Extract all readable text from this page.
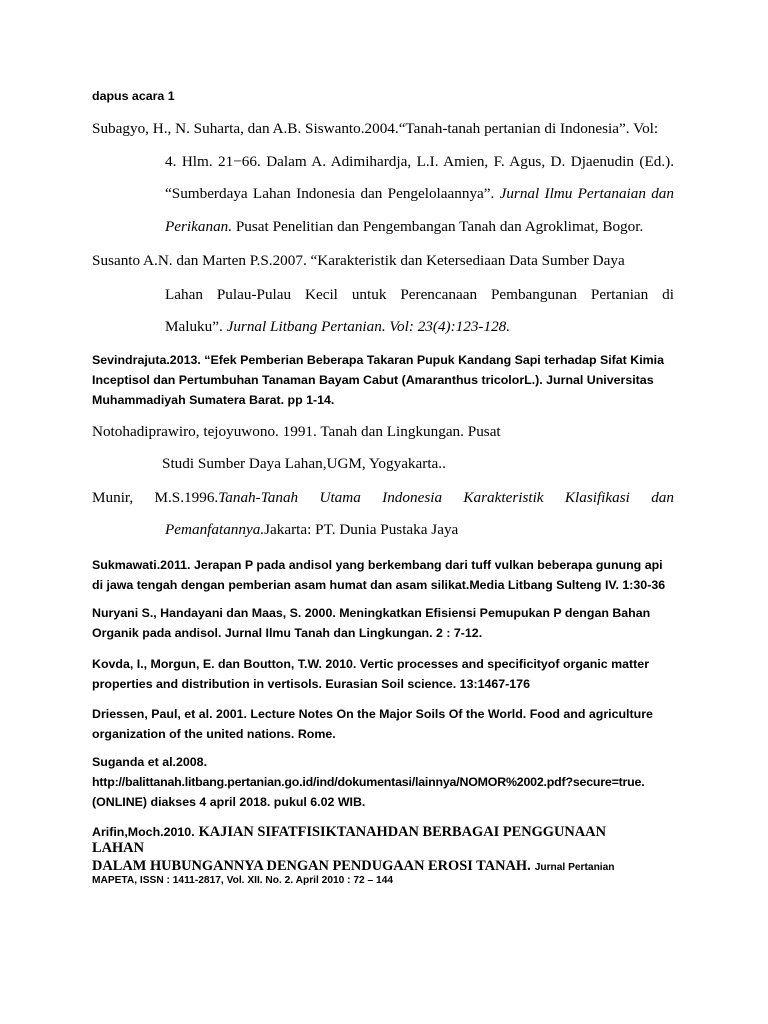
dapus acara 1

Subagyo, H., N. Suharta, dan A.B. Siswanto.2004.“Tanah-tanah pertanian di Indonesia”. Vol:

4. Hlm. 21−66. Dalam A. Adimihardja, L.I. Amien, F. Agus, D. Djaenudin (Ed.).

“Sumberdaya Lahan Indonesia dan Pengelolaannya”. Jurnal Ilmu Pertanaian dan

Perikanan. Pusat Penelitian dan Pengembangan Tanah dan Agroklimat, Bogor.

Susanto A.N. dan Marten P.S.2007. “Karakteristik dan Ketersediaan Data Sumber Daya

Lahan Pulau-Pulau Kecil untuk Perencanaan Pembangunan Pertanian di

Maluku”. Jurnal Litbang Pertanian. Vol: 23(4):123-128.

Sevindrajuta.2013. “Efek Pemberian Beberapa Takaran Pupuk Kandang Sapi terhadap Sifat Kimia Inceptisol dan Pertumbuhan Tanaman Bayam Cabut (Amaranthus tricolorL.). Jurnal Universitas Muhammadiyah Sumatera Barat. pp 1-14.

Notohadiprawiro, tejoyuwono. 1991. Tanah dan Lingkungan. Pusat

Studi Sumber Daya Lahan,UGM, Yogyakarta..

Munir, M.S.1996.Tanah-Tanah Utama Indonesia Karakteristik Klasifikasi dan

Pemanfatannya.Jakarta: PT. Dunia Pustaka Jaya

Sukmawati.2011. Jerapan P pada andisol yang berkembang dari tuff vulkan beberapa gunung api di jawa tengah dengan pemberian asam humat dan asam silikat.Media Litbang Sulteng IV. 1:30-36

Nuryani S., Handayani dan Maas, S. 2000. Meningkatkan Efisiensi Pemupukan P dengan Bahan Organik pada andisol. Jurnal Ilmu Tanah dan Lingkungan. 2 : 7-12.

Kovda, I., Morgun, E. dan Boutton, T.W. 2010. Vertic processes and specificityof organic matter properties and distribution in vertisols. Eurasian Soil science. 13:1467-176

Driessen, Paul, et al. 2001. Lecture Notes On the Major Soils Of the World. Food and agriculture organization of the united nations. Rome.

Suganda et al.2008.

http://balittanah.litbang.pertanian.go.id/ind/dokumentasi/lainnya/NOMOR%2002.pdf?secure=true.

(ONLINE) diakses 4 april 2018. pukul 6.02 WIB.

Arifin,Moch.2010. KAJIAN SIFATFISIKTANAHDAN BERBAGAI PENGGUNAAN

LAHAN

DALAM HUBUNGANNYA DENGAN PENDUGAAN EROSI TANAH. Jurnal Pertanian

MAPETA, ISSN : 1411-2817, Vol. XII. No. 2. April 2010 : 72 – 144
